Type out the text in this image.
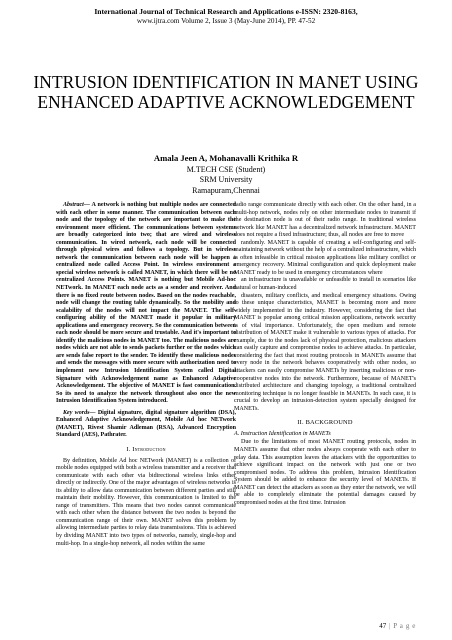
International Journal of Technical Research and Applications e-ISSN: 2320-8163,
www.ijtra.com Volume 2, Issue 3 (May-June 2014), PP. 47-52
INTRUSION IDENTIFICATION IN MANET USING ENHANCED ADAPTIVE ACKNOWLEDGEMENT
Amala Jeen A, Mohanavalli Krithika R
M.TECH CSE (Student)
SRM University
Ramapuram,Chennai

Abstract— A network is nothing but multiple nodes are connected with each other in some manner. The communication between each node and the topology of the network are important to make the environment more efficient. The communications between systems are broadly categorized into two; that are wired and wireless communication. In wired network, each node will be connected through physical wires and follows a topology. But in wireless network the communication between each node will be happen a centralized node called Access Point. In wireless environment a special wireless network is called MANET, in which there will be no centralized Access Points. MANET is nothing but Mobile Ad-hoc NETwork. In MANET each node acts as a sender and receiver. And there is no fixed route between nodes. Based on the nodes reachable, node will change the routing table dynamically. So the mobility and scalability of the nodes will not impact the MANET. The self-configuring ability of the MANET made it popular in military applications and emergency recovery. So the communication between each node should be more secure and trustable. And it's important to identify the malicious nodes in MANET too. The malicious nodes are nodes which are not able to sends packets further or the nodes which are sends false report to the sender. To identify these malicious nodes and sends the messages with more secure with authorization need to implement new Intrusion Identification System called Digital Signature with Acknowledgement name as Enhanced Adaptive Acknowledgement. The objective of MANET is fast communication. So its need to analyze the network throughout also once the new Intrusion Identification System introduced.

Key words— Digital signature, digital signature algorithm (DSA), Enhanced Adaptive Acknowledgement, Mobile Ad hoc NETwork (MANET), Rivest Shamir Adleman (RSA), Advanced Encryption Standard (AES), Pathrater.

I. Introduction

By definition, Mobile Ad hoc NETwork (MANET) is a collection of mobile nodes equipped with both a wireless transmitter and a receiver that communicate with each other via bidirectional wireless links either directly or indirectly. One of the major advantages of wireless networks is its ability to allow data communication between different parties and still maintain their mobility. However, this communication is limited to the range of transmitters. This means that two nodes cannot communicate with each other when the distance between the two nodes is beyond the communication range of their own. MANET solves this problem by allowing intermediate parties to relay data transmissions. This is achieved by dividing MANET into two types of networks, namely, single-hop and multi-hop. In a single-hop network, all nodes within the same

radio range communicate directly with each other. On the other hand, in a multi-hop network, nodes rely on other intermediate nodes to transmit if the destination node is out of their radio range. In traditional wireless network like MANET has a decentralized network infrastructure. MANET does not require a fixed infrastructure; thus, all nodes are free to move

randomly. MANET is capable of creating a self-configuring and self-maintaining network without the help of a centralized infrastructure, which is often infeasible in critical mission applications like military conflict or emergency recovery. Minimal configuration and quick deployment make MANET ready to be used in emergency circumstances where

an infrastructure is unavailable or unfeasible to install in scenarios like natural or human-induced

disasters, military conflicts, and medical emergency situations. Owing to these unique characteristics, MANET is becoming more and more widely implemented in the industry. However, considering the fact that MANET is popular among critical mission applications, network security is of vital importance. Unfortunately, the open medium and remote distribution of MANET make it vulnerable to various types of attacks. For example, due to the nodes lack of physical protection, malicious attackers can easily capture and compromise nodes to achieve attacks. In particular, considering the fact that most routing protocols in MANETs assume that every node in the network behaves cooperatively with other nodes, so attackers can easily compromise MANETs by inserting malicious or non-cooperative nodes into the network. Furthermore, because of MANET's distributed architecture and changing topology, a traditional centralized monitoring technique is no longer feasible in MANETs. In such case, it is crucial to develop an intrusion-detection system specially designed for MANETs.

II. BACKGROUND
A. Instruction Identification in MANETs

Due to the limitations of most MANET routing protocols, nodes in MANETs assume that other nodes always cooperate with each other to relay data. This assumption leaves the attackers with the opportunities to achieve significant impact on the network with just one or two compromised nodes. To address this problem, Intrusion Identification System should be added to enhance the security level of MANETs. If MANET can detect the attackers as soon as they enter the network, we will be able to completely eliminate the potential damages caused by compromised nodes at the first time. Intrusion

47 | P a g e
